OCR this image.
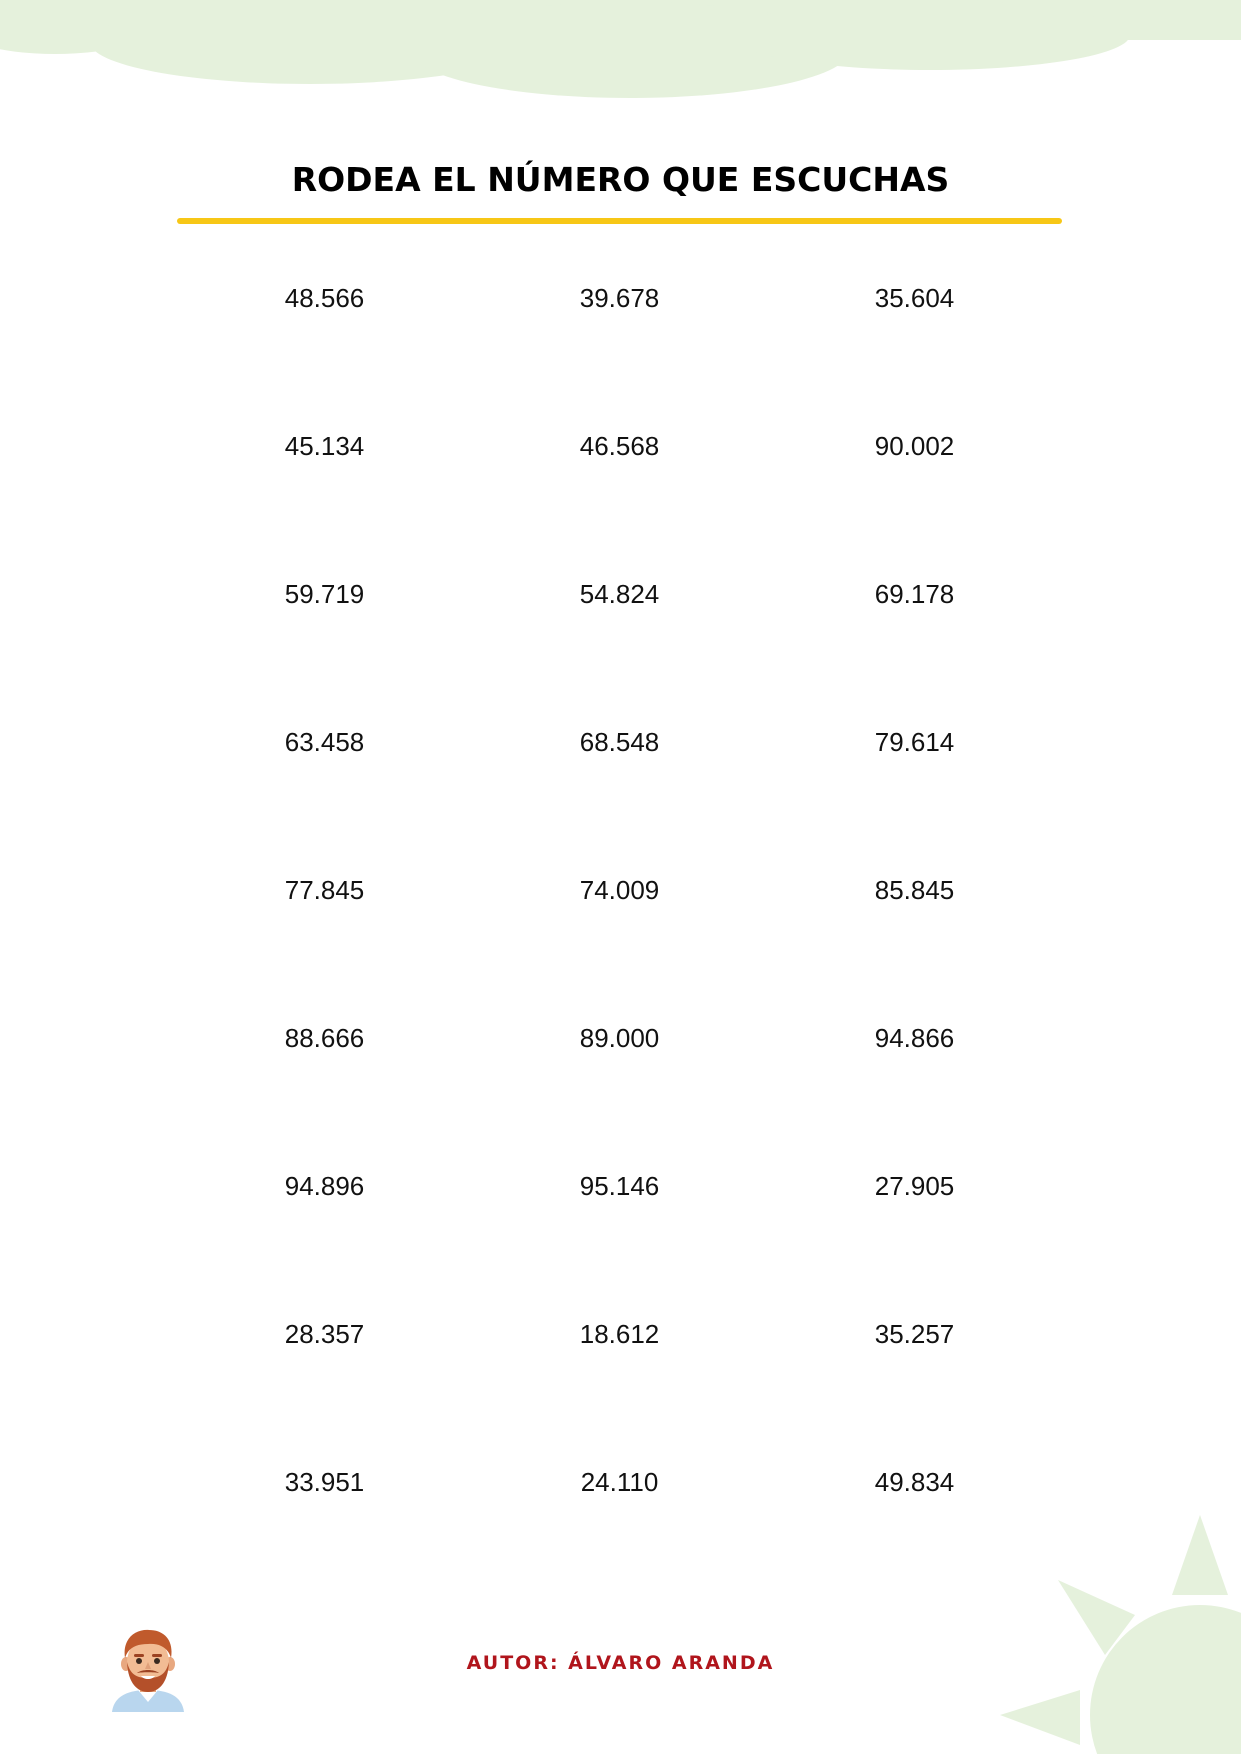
RODEA EL NÚMERO QUE ESCUCHAS
48.566	39.678	35.604
45.134	46.568	90.002
59.719	54.824	69.178
63.458	68.548	79.614
77.845	74.009	85.845
88.666	89.000	94.866
94.896	95.146	27.905
28.357	18.612	35.257
33.951	24.110	49.834
AUTOR: ÁLVARO ARANDA
